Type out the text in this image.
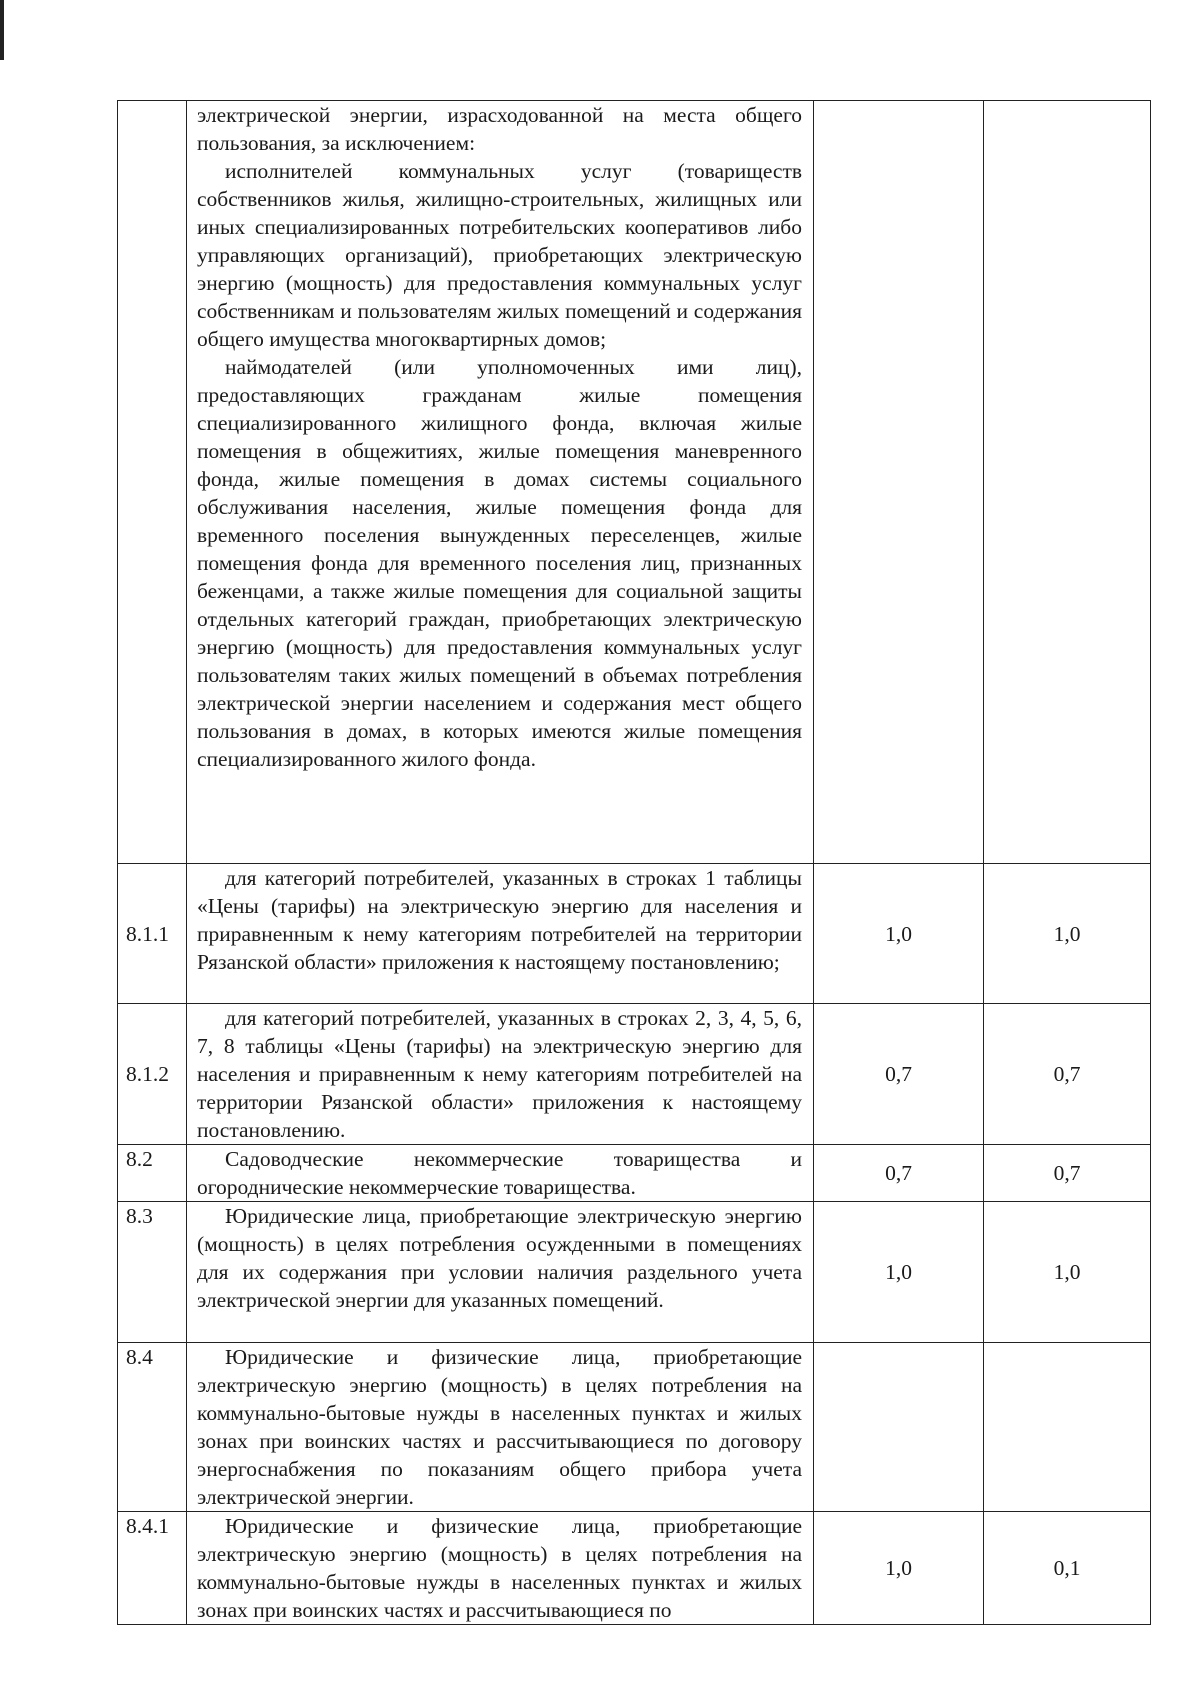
	электрической энергии, израсходованной на места общего пользования, за исключением:

исполнителей коммунальных услуг (товариществ собственников жилья, жилищно-строительных, жилищных или иных специализированных потребительских кооперативов либо управляющих организаций), приобретающих электрическую энергию (мощность) для предоставления коммунальных услуг собственникам и пользователям жилых помещений и содержания общего имущества многоквартирных домов;

наймодателей (или уполномоченных ими лиц), предоставляющих гражданам жилые помещения специализированного жилищного фонда, включая жилые помещения в общежитиях, жилые помещения маневренного фонда, жилые помещения в домах системы социального обслуживания населения, жилые помещения фонда для временного поселения вынужденных переселенцев, жилые помещения фонда для временного поселения лиц, признанных беженцами, а также жилые помещения для социальной защиты отдельных категорий граждан, приобретающих электрическую энергию (мощность) для предоставления коммунальных услуг пользователям таких жилых помещений в объемах потребления электрической энергии населением и содержания мест общего пользования в домах, в которых имеются жилые помещения специализированного жилого фонда.		

8.1.1	для категорий потребителей, указанных в строках 1 таблицы «Цены (тарифы) на электрическую энергию для населения и приравненным к нему категориям потребителей на территории Рязанской области» приложения к настоящему постановлению;	1,0	1,0
8.1.2	для категорий потребителей, указанных в строках 2, 3, 4, 5, 6, 7, 8 таблицы «Цены (тарифы) на электрическую энергию для населения и приравненным к нему категориям потребителей на территории Рязанской области» приложения к настоящему постановлению.	0,7	0,7
8.2	Садоводческие некоммерческие товарищества и огороднические некоммерческие товарищества.	0,7	0,7
8.3	Юридические лица, приобретающие электрическую энергию (мощность) в целях потребления осужденными в помещениях для их содержания при условии наличия раздельного учета электрической энергии для указанных помещений.	1,0	1,0
8.4	Юридические и физические лица, приобретающие электрическую энергию (мощность) в целях потребления на коммунально-бытовые нужды в населенных пунктах и жилых зонах при воинских частях и рассчитывающиеся по договору энергоснабжения по показаниям общего прибора учета электрической энергии.		

8.4.1	Юридические и физические лица, приобретающие электрическую энергию (мощность) в целях потребления на коммунально-бытовые нужды в населенных пунктах и жилых зонах при воинских частях и рассчитывающиеся по	1,0	0,1
